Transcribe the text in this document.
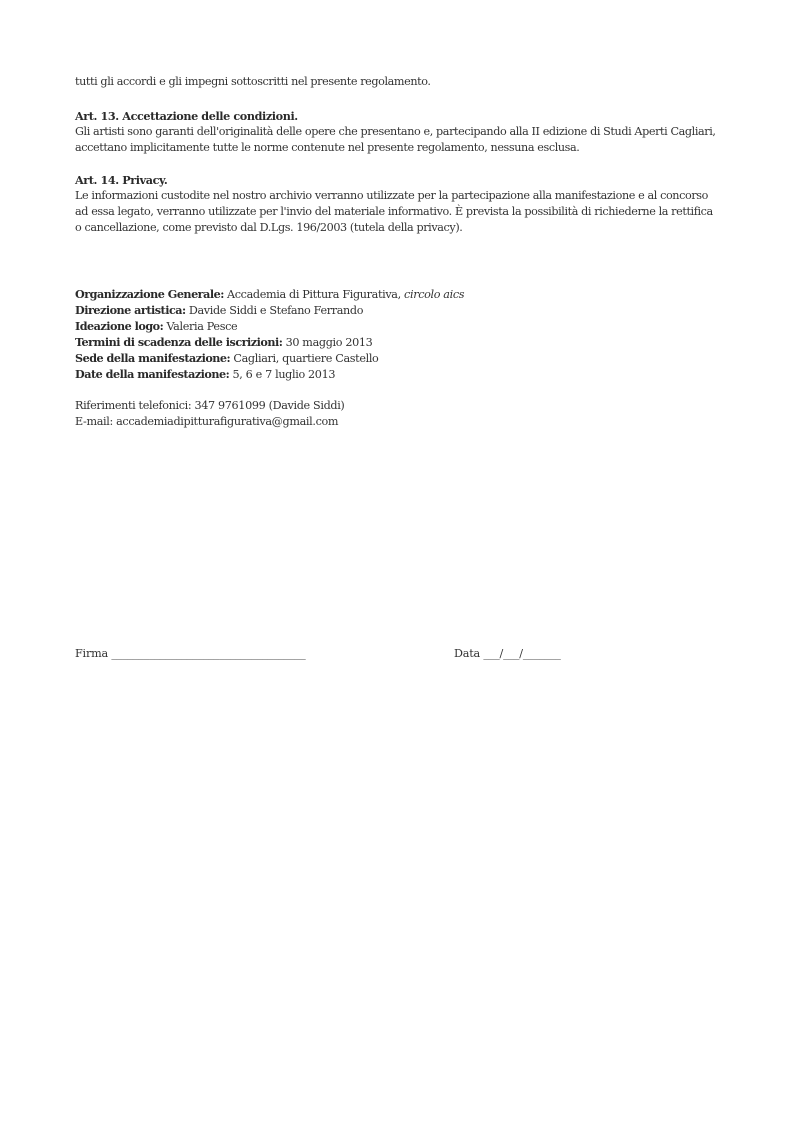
tutti gli accordi e gli impegni sottoscritti nel presente regolamento.
Art. 13. Accettazione delle condizioni.
Gli artisti sono garanti dell'originalità delle opere che presentano e, partecipando alla II edizione di Studi Aperti Cagliari,
accettano implicitamente tutte le norme contenute nel presente regolamento, nessuna esclusa.
Art. 14. Privacy.
Le informazioni custodite nel nostro archivio verranno utilizzate per la partecipazione alla manifestazione e al concorso
ad essa legato, verranno utilizzate per l'invio del materiale informativo. È prevista la possibilità di richiederne la rettifica
o cancellazione, come previsto dal D.Lgs. 196/2003 (tutela della privacy).
Organizzazione Generale: Accademia di Pittura Figurativa, circolo aics
Direzione artistica: Davide Siddi e Stefano Ferrando
Ideazione logo: Valeria Pesce
Termini di scadenza delle iscrizioni: 30 maggio 2013
Sede della manifestazione: Cagliari, quartiere Castello
Date della manifestazione: 5, 6 e 7 luglio 2013
Riferimenti telefonici: 347 9761099 (Davide Siddi)
E-mail: accademiadipitturafigurativa@gmail.com
Firma ____________________________________	Data ___/___/_______
